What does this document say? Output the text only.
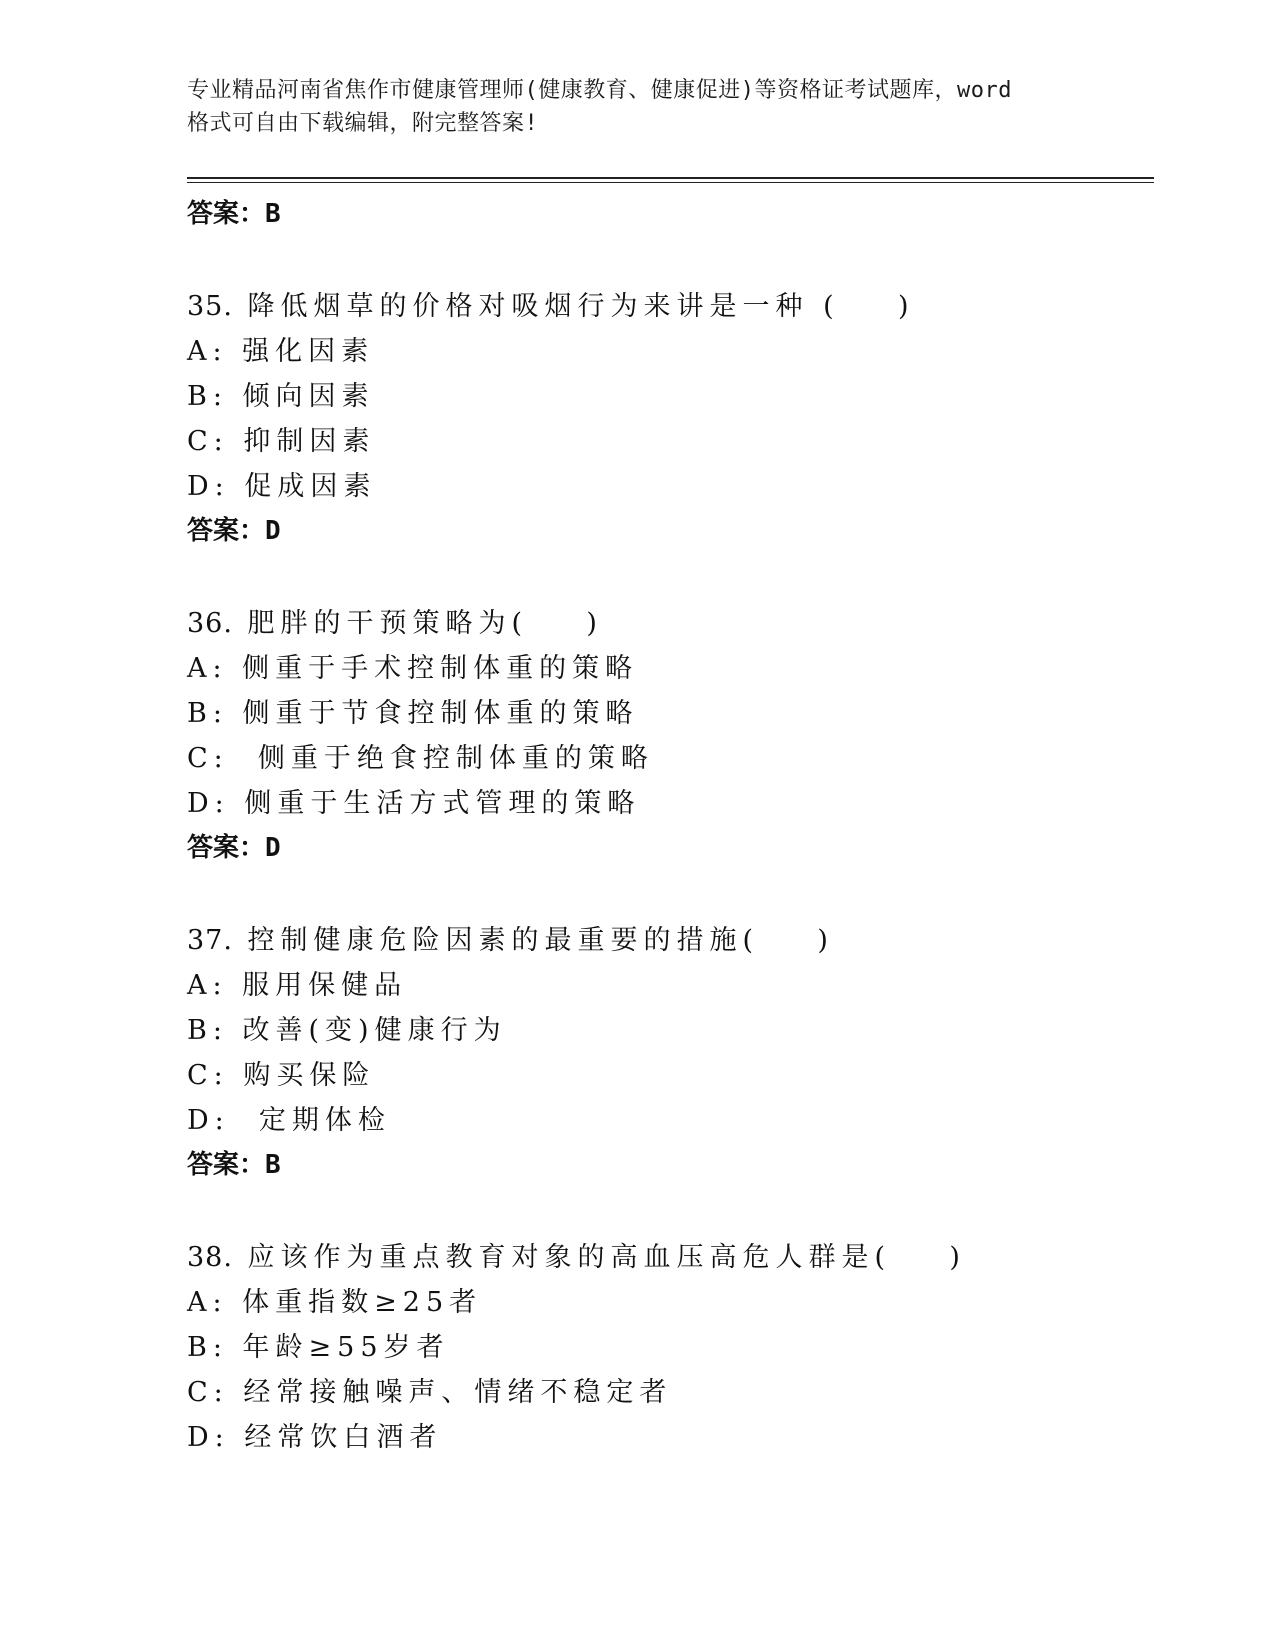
专业精品河南省焦作市健康管理师(健康教育、健康促进)等资格证考试题库，word
格式可自由下载编辑，附完整答案!
答案：B
35. 降低烟草的价格对吸烟行为来讲是一种 (    )
A: 强化因素
B: 倾向因素
C: 抑制因素
D: 促成因素
答案：D
36. 肥胖的干预策略为(    )
A: 侧重于手术控制体重的策略
B: 侧重于节食控制体重的策略
C:  侧重于绝食控制体重的策略
D: 侧重于生活方式管理的策略
答案：D
37. 控制健康危险因素的最重要的措施(    )
A: 服用保健品
B: 改善(变)健康行为
C: 购买保险
D:  定期体检
答案：B
38. 应该作为重点教育对象的高血压高危人群是(    )
A: 体重指数≥25者
B: 年龄≥55岁者
C: 经常接触噪声、情绪不稳定者
D: 经常饮白酒者
